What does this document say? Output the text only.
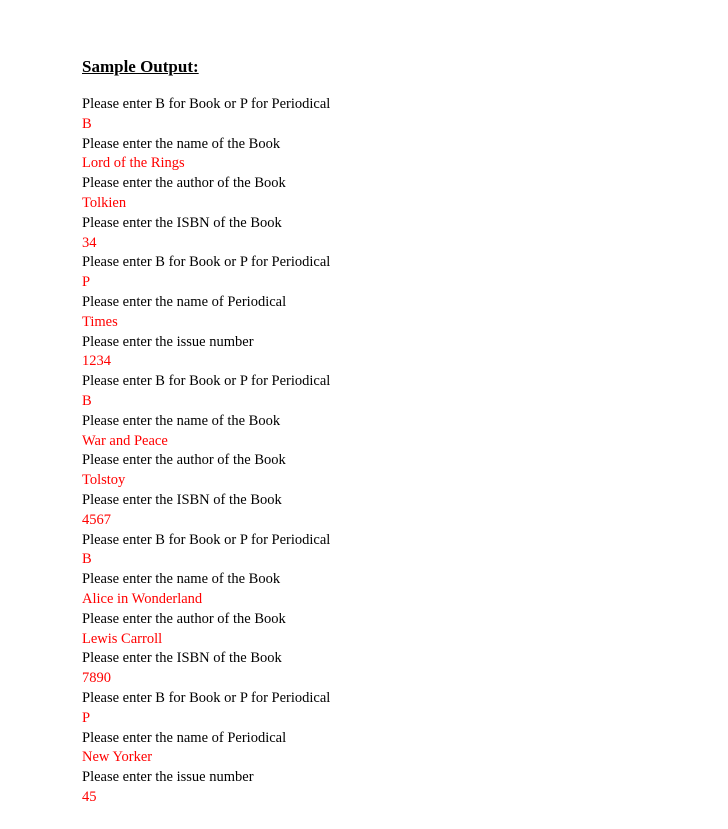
Sample Output:
Please enter B for Book or P for Periodical
B
Please enter the name of the Book
Lord of the Rings
Please enter the author of the Book
Tolkien
Please enter the ISBN of the Book
34
Please enter B for Book or P for Periodical
P
Please enter the name of Periodical
Times
Please enter the issue number
1234
Please enter B for Book or P for Periodical
B
Please enter the name of the Book
War and Peace
Please enter the author of the Book
Tolstoy
Please enter the ISBN of the Book
4567
Please enter B for Book or P for Periodical
B
Please enter the name of the Book
Alice in Wonderland
Please enter the author of the Book
Lewis Carroll
Please enter the ISBN of the Book
7890
Please enter B for Book or P for Periodical
P
Please enter the name of Periodical
New Yorker
Please enter the issue number
45
